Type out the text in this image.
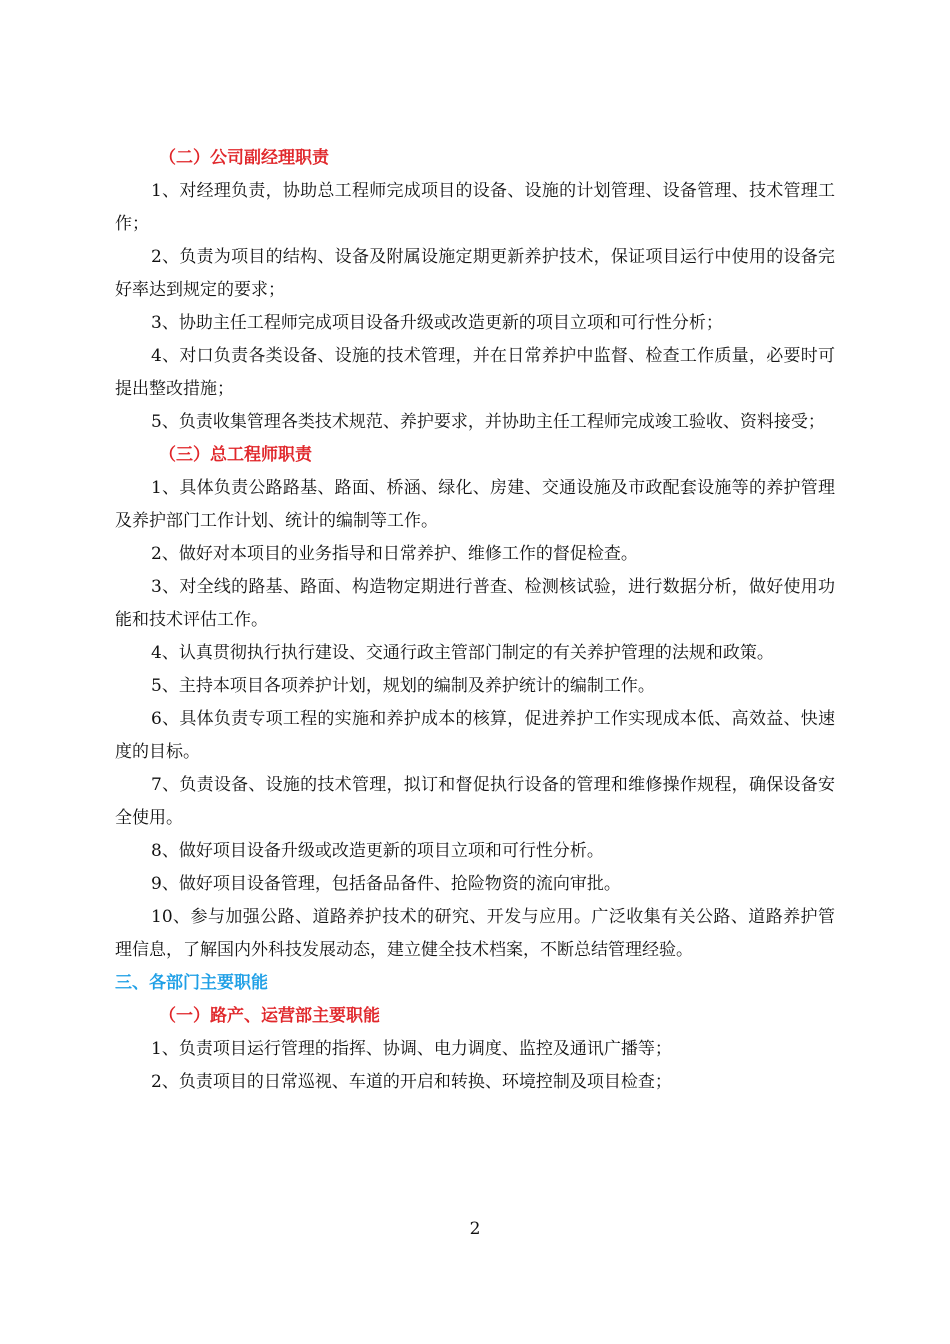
（二）公司副经理职责

1、对经理负责，协助总工程师完成项目的设备、设施的计划管理、设备管理、技术管理工作；

2、负责为项目的结构、设备及附属设施定期更新养护技术，保证项目运行中使用的设备完好率达到规定的要求；

3、协助主任工程师完成项目设备升级或改造更新的项目立项和可行性分析；

4、对口负责各类设备、设施的技术管理，并在日常养护中监督、检查工作质量，必要时可提出整改措施；

5、负责收集管理各类技术规范、养护要求，并协助主任工程师完成竣工验收、资料接受；

（三）总工程师职责

1、具体负责公路路基、路面、桥涵、绿化、房建、交通设施及市政配套设施等的养护管理及养护部门工作计划、统计的编制等工作。

2、做好对本项目的业务指导和日常养护、维修工作的督促检查。

3、对全线的路基、路面、构造物定期进行普查、检测核试验，进行数据分析，做好使用功能和技术评估工作。

4、认真贯彻执行执行建设、交通行政主管部门制定的有关养护管理的法规和政策。

5、主持本项目各项养护计划，规划的编制及养护统计的编制工作。

6、具体负责专项工程的实施和养护成本的核算，促进养护工作实现成本低、高效益、快速度的目标。

7、负责设备、设施的技术管理，拟订和督促执行设备的管理和维修操作规程，确保设备安全使用。

8、做好项目设备升级或改造更新的项目立项和可行性分析。

9、做好项目设备管理，包括备品备件、抢险物资的流向审批。

10、参与加强公路、道路养护技术的研究、开发与应用。广泛收集有关公路、道路养护管理信息，了解国内外科技发展动态，建立健全技术档案，不断总结管理经验。

三、各部门主要职能
（一）路产、运营部主要职能

1、负责项目运行管理的指挥、协调、电力调度、监控及通讯广播等；

2、负责项目的日常巡视、车道的开启和转换、环境控制及项目检查；

2
